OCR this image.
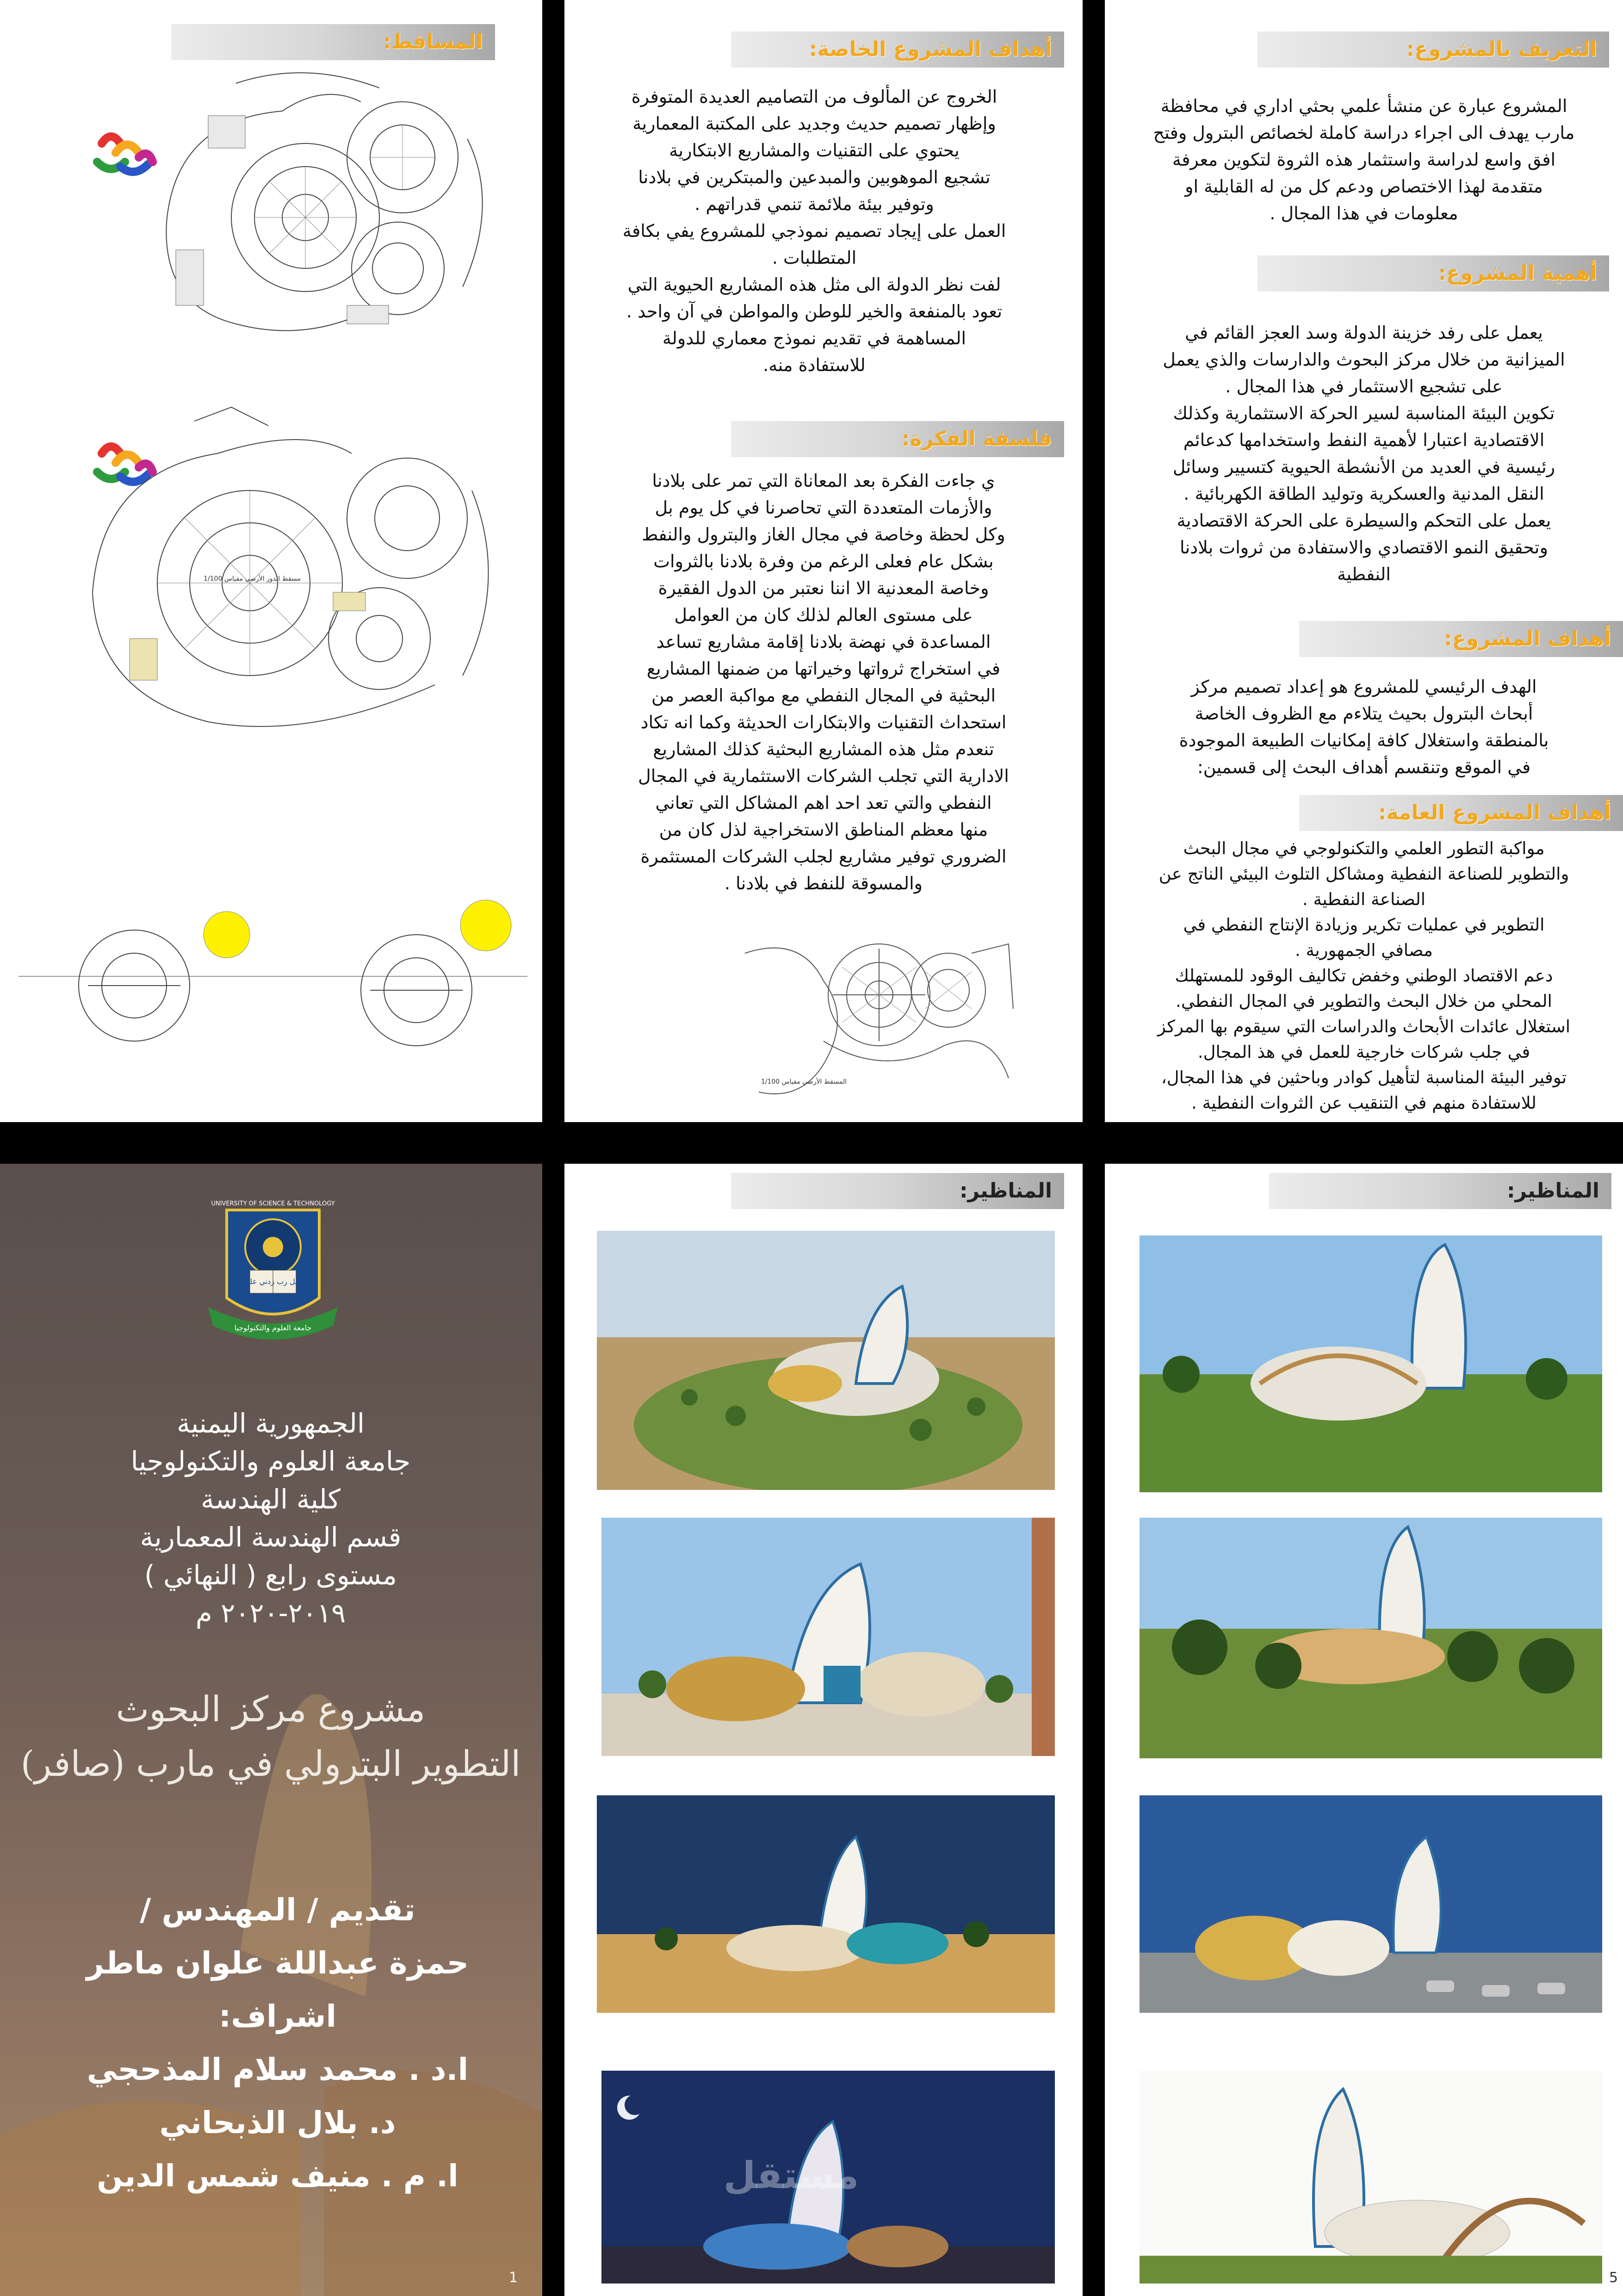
التعريف بالمشروع:
المشروع عبارة عن منشأ علمي بحثي اداري في محافظة
مارب يهدف الى اجراء دراسة كاملة لخصائص البترول وفتح
افق واسع لدراسة واستثمار هذه الثروة لتكوين معرفة
متقدمة لهذا الاختصاص ودعم كل من له القابلية او
معلومات في هذا المجال .
أهمية المشروع:
يعمل على رفد خزينة الدولة وسد العجز القائم في
الميزانية من خلال مركز البحوث والدارسات والذي يعمل
على تشجيع الاستثمار في هذا المجال .
تكوين البيئة المناسبة لسير الحركة الاستثمارية وكذلك
الاقتصادية اعتبارا لأهمية النفط واستخدامها كدعائم
رئيسية في العديد من الأنشطة الحيوية كتسيير وسائل
النقل المدنية والعسكرية وتوليد الطاقة الكهربائية .
يعمل على التحكم والسيطرة على الحركة الاقتصادية
وتحقيق النمو الاقتصادي والاستفادة من ثروات بلادنا
النفطية
أهداف المشروع:
الهدف الرئيسي للمشروع هو إعداد تصميم مركز
أبحاث البترول بحيث يتلاءم مع الظروف الخاصة
بالمنطقة واستغلال كافة إمكانيات الطبيعة الموجودة
في الموقع وتنقسم أهداف البحث إلى قسمين:
أهداف المشروع العامة:
مواكبة التطور العلمي والتكنولوجي في مجال البحث
والتطوير للصناعة النفطية ومشاكل التلوث البيئي الناتج عن
الصناعة النفطية .
التطوير في عمليات تكرير وزيادة الإنتاج النفطي في
مصافي الجمهورية .
دعم الاقتصاد الوطني وخفض تكاليف الوقود للمستهلك
المحلي من خلال البحث والتطوير في المجال النفطي.
استغلال عائدات الأبحاث والدراسات التي سيقوم بها المركز
في جلب شركات خارجية للعمل في هذ المجال.
توفير البيئة المناسبة لتأهيل كوادر وباحثين في هذا المجال،
للاستفادة منهم في التنقيب عن الثروات النفطية .
أهداف المشروع الخاصة:
الخروج عن المألوف من التصاميم العديدة المتوفرة
وإظهار تصميم حديث وجديد على المكتبة المعمارية
يحتوي على التقنيات والمشاريع الابتكارية
تشجيع الموهوبين والمبدعين والمبتكرين في بلادنا
وتوفير بيئة ملائمة تنمي قدراتهم .
العمل على إيجاد تصميم نموذجي للمشروع يفي بكافة
المتطلبات .
لفت نظر الدولة الى مثل هذه المشاريع الحيوية التي
تعود بالمنفعة والخير للوطن والمواطن في آن واحد .
المساهمة في تقديم نموذج معماري للدولة
للاستفادة منه.
فلسفة الفكرة:
ي جاءت الفكرة بعد المعاناة التي تمر على بلادنا
والأزمات المتعددة التي تحاصرنا في كل يوم بل
وكل لحظة وخاصة في مجال الغاز والبترول والنفط
بشكل عام فعلى الرغم من وفرة بلادنا بالثروات
وخاصة المعدنية الا اننا نعتبر من الدول الفقيرة
على مستوى العالم لذلك كان من العوامل
المساعدة في نهضة بلادنا إقامة مشاريع تساعد
في استخراج ثرواتها وخيراتها من ضمنها المشاريع
البحثية في المجال النفطي مع مواكبة العصر من
استحداث التقنيات والابتكارات الحديثة وكما انه تكاد
تنعدم مثل هذه المشاريع البحثية كذلك المشاريع
الادارية التي تجلب الشركات الاستثمارية في المجال
النفطي والتي تعد احد اهم المشاكل التي تعاني
منها معظم المناطق الاستخراجية لذل كان من
الضروري توفير مشاريع لجلب الشركات المستثمرة
والمسوقة للنفط في بلادنا .
المسقط الأرضي مقياس 1/100
المساقط:
مسقط الدور الأرضي مقياس 1/100
وقل رب زدني علما
جامعة العلوم والتكنولوجيا
UNIVERSITY OF SCIENCE & TECHNOLOGY
الجمهورية اليمنية
جامعة العلوم والتكنولوجيا
كلية الهندسة
قسم الهندسة المعمارية
مستوى رابع ( النهائي )
٢٠١٩-٢٠٢٠ م
مشروع مركز البحوث
التطوير البترولي في مارب (صافر)
تقديم / المهندس /
حمزة عبداللة علوان ماطر
اشراف:
ا.د . محمد سلام المذحجي
د. بلال الذبحاني
ا. م . منيف شمس الدين
1
المناظير:
مستقل
المناظير:
5
